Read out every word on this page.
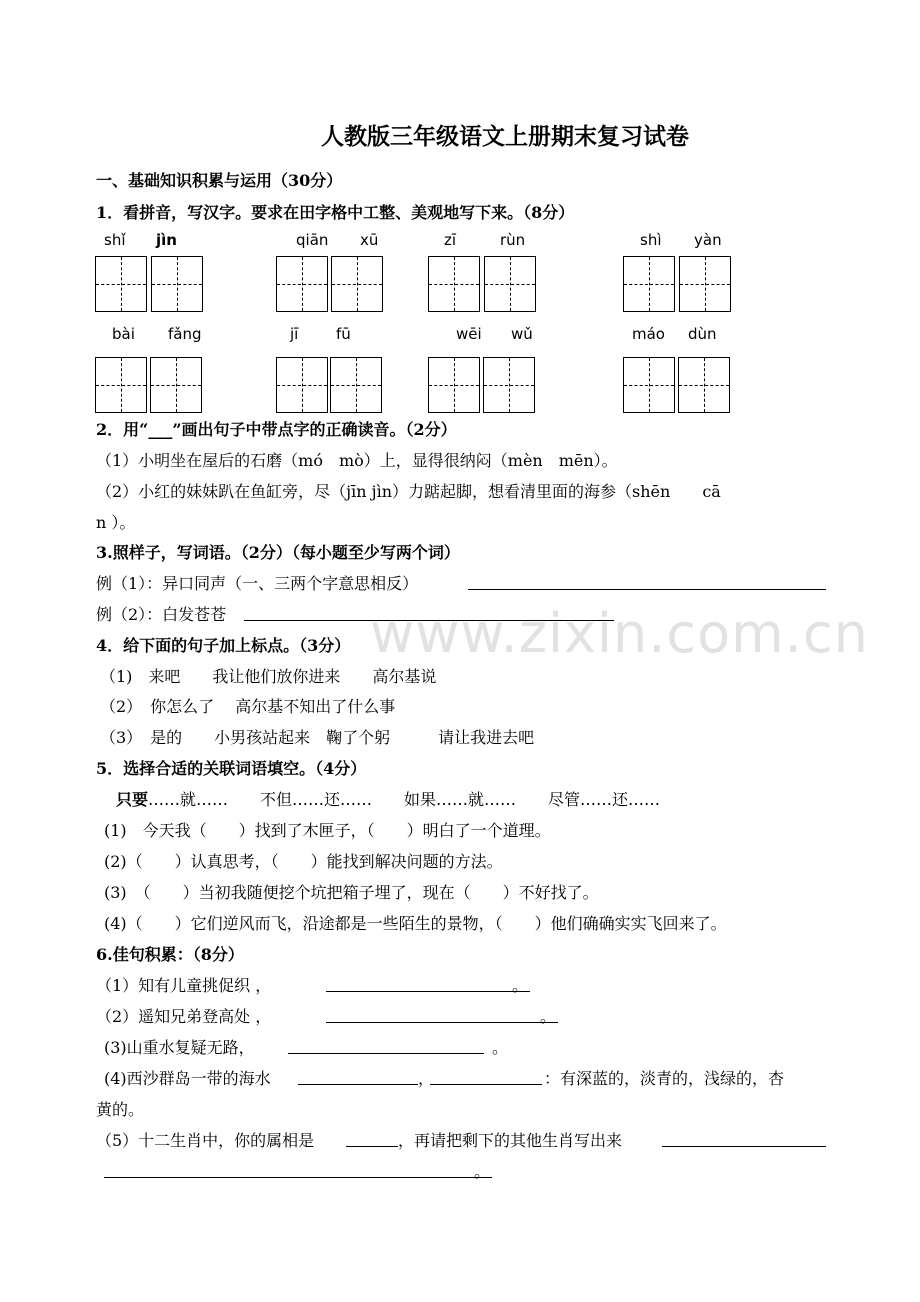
人教版三年级语文上册期末复习试卷
一、基础知识积累与运用（30分）
1．看拼音，写汉字。要求在田字格中工整、美观地写下来。（8分）
shǐ jìn	qiān xū	zī	rùn	shì yàn
bài fǎng	jī	fū	wēi wǔ	máo dùn
2．用“___”画出句子中带点字的正确读音。（2分）
（1）小明坐在屋后的石磨（mó　mò）上，显得很纳闷（mèn　mēn）。
（2）小红的妹妹趴在鱼缸旁，尽（jīn jìn）力踮起脚，想看清里面的海参（shēn　　cā
n ）。
3.照样子，写词语。（2分）（每小题至少写两个词）
例（1）：异口同声（一、三两个字意思相反）
例（2）：白发苍苍	www.zixin.com.cn
4．给下面的句子加上标点。（3分）
（1)　来吧　　我让他们放你进来　　高尔基说
（2）　你怎么了　 高尔基不知出了什么事
（3）　是的　　小男孩站起来　鞠了个躬　　　请让我进去吧
5．选择合适的关联词语填空。（4分）
只要……就……　　不但……还……　　如果……就……　　尽管……还……
(1)　今天我（　　）找到了木匣子，（　　）明白了一个道理。
(2)（　　）认真思考，（　　）能找到解决问题的方法。
(3)　（　　）当初我随便挖个坑把箱子埋了，现在（　　）不好找了。
(4)（　　）它们逆风而飞，沿途都是一些陌生的景物，（　　）他们确确实实飞回来了。
6.佳句积累：（8分）
（1）知有儿童挑促织 ，	。
（2）遥知兄弟登高处 ，	。
(3)山重水复疑无路，	。
(4)西沙群岛一带的海水	，	：有深蓝的，淡青的，浅绿的，杏
黄的。
（5）十二生肖中，你的属相是	，再请把剩下的其他生肖写出来
。
